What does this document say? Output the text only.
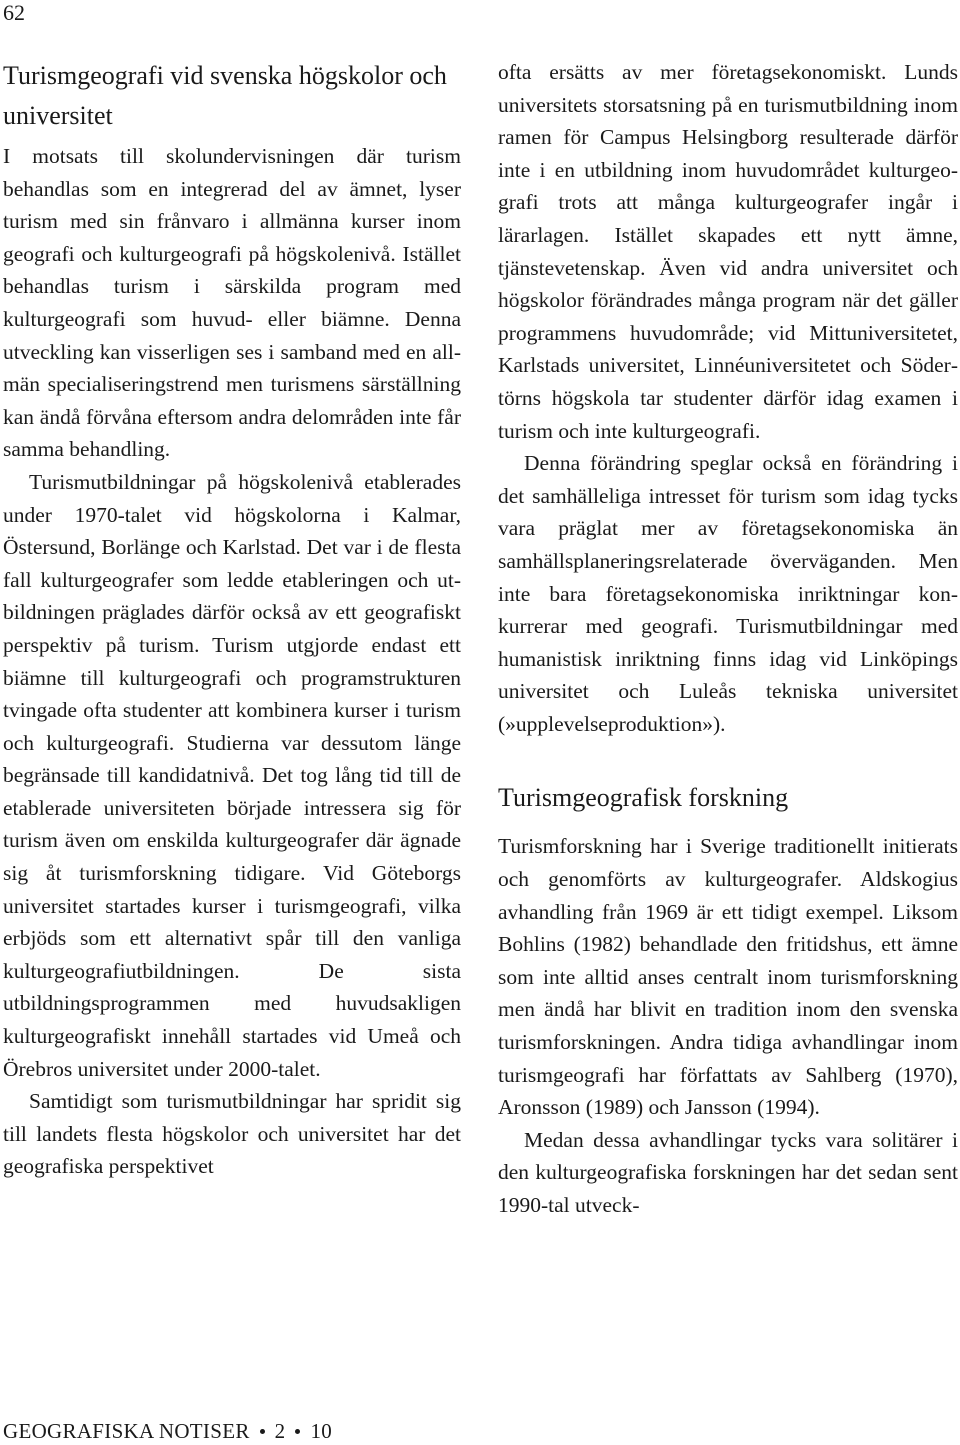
62
Turismgeografi vid svenska högskolor och universitet

I motsats till skolundervisningen där turism behandlas som en integrerad del av ämnet, lyser turism med sin frånvaro i allmänna kurser inom geografi och kulturgeografi på högskolenivå. Istället behandlas turism i särskilda program med kulturgeografi som huvud- eller biämne. Denna utveckling kan visserligen ses i samband med en allmän specialiseringstrend men turismens särställning kan ändå förvåna eftersom andra delområden inte får samma behandling.

Turismutbildningar på högskolenivå etablerades under 1970-talet vid högskolorna i Kalmar, Östersund, Borlänge och Karlstad. Det var i de flesta fall kulturgeografer som ledde etableringen och utbildningen präglades därför också av ett geografiskt perspektiv på turism. Turism utgjorde endast ett biämne till kulturgeografi och programstrukturen tvingade ofta studenter att kombinera kurser i turism och kulturgeografi. Studierna var dessutom länge begränsade till kandidatnivå. Det tog lång tid till de etablerade universiteten började intressera sig för turism även om enskilda kulturgeografer där ägnade sig åt turismforskning tidigare. Vid Göteborgs universitet startades kurser i turismgeografi, vilka erbjöds som ett alternativt spår till den vanliga kulturgeografiutbildningen. De sista utbildningsprogrammen med huvudsakligen kulturgeografiskt innehåll startades vid Umeå och Örebros universitet under 2000-talet.

Samtidigt som turismutbildningar har spridit sig till landets flesta högskolor och universitet har det geografiska perspektivet

ofta ersätts av mer företagsekonomiskt. Lunds universitets storsatsning på en turismutbildning inom ramen för Campus Helsingborg resulterade därför inte i en utbildning inom huvudområdet kulturgeografi trots att många kulturgeografer ingår i lärarlagen. Istället skapades ett nytt ämne, tjänstevetenskap. Även vid andra universitet och högskolor förändrades många program när det gäller programmens huvudområde; vid Mittuniversitetet, Karlstads universitet, Linnéuniversitetet och Södertörns högskola tar studenter därför idag examen i turism och inte kulturgeografi.

Denna förändring speglar också en förändring i det samhälleliga intresset för turism som idag tycks vara präglat mer av företagsekonomiska än samhällsplaneringsrelaterade överväganden. Men inte bara företagsekonomiska inriktningar konkurrerar med geografi. Turismutbildningar med humanistisk inriktning finns idag vid Linköpings universitet och Luleås tekniska universitet (»upplevelseproduktion»).

Turismgeografisk forskning

Turismforskning har i Sverige traditionellt initierats och genomförts av kulturgeografer. Aldskogius avhandling från 1969 är ett tidigt exempel. Liksom Bohlins (1982) behandlade den fritidshus, ett ämne som inte alltid anses centralt inom turismforskning men ändå har blivit en tradition inom den svenska turismforskningen. Andra tidiga avhandlingar inom turismgeografi har författats av Sahlberg (1970), Aronsson (1989) och Jansson (1994).

Medan dessa avhandlingar tycks vara solitärer i den kulturgeografiska forskningen har det sedan sent 1990-tal utveck-

GEOGRAFISKA NOTISER 2 10
